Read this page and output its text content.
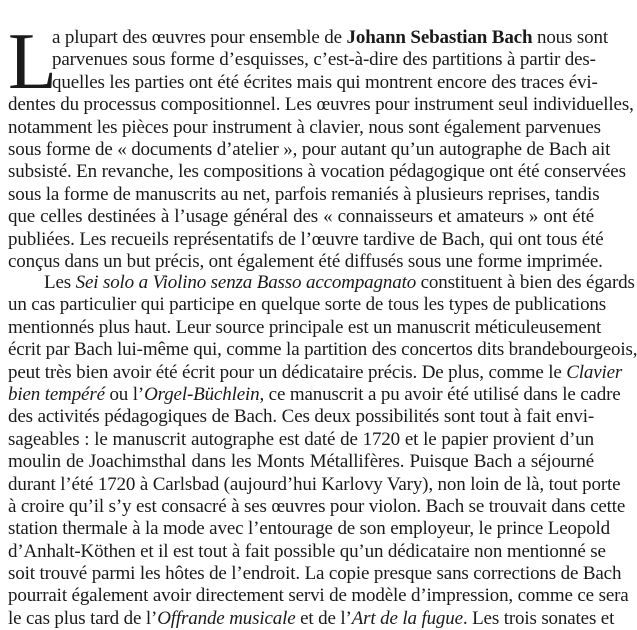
L
a plupart des œuvres pour ensemble de Johann Sebastian Bach nous sont
parvenues sous forme d’esquisses, c’est-à-dire des partitions à partir des-
quelles les parties ont été écrites mais qui montrent encore des traces évi-
dentes du processus compositionnel. Les œuvres pour instrument seul individuelles,
notamment les pièces pour instrument à clavier, nous sont également parvenues
sous forme de « documents d’atelier », pour autant qu’un autographe de Bach ait
subsisté. En revanche, les compositions à vocation pédagogique ont été conservées
sous la forme de manuscrits au net, parfois remaniés à plusieurs reprises, tandis
que celles destinées à l’usage général des « connaisseurs et amateurs » ont été
publiées. Les recueils représentatifs de l’œuvre tardive de Bach, qui ont tous été
conçus dans un but précis, ont également été diffusés sous une forme imprimée.
Les Sei solo a Violino senza Basso accompagnato constituent à bien des égards
un cas particulier qui participe en quelque sorte de tous les types de publications
mentionnés plus haut. Leur source principale est un manuscrit méticuleusement
écrit par Bach lui-même qui, comme la partition des concertos dits brandebourgeois,
peut très bien avoir été écrit pour un dédicataire précis. De plus, comme le Clavier
bien tempéré ou l’Orgel-Büchlein, ce manuscrit a pu avoir été utilisé dans le cadre
des activités pédagogiques de Bach. Ces deux possibilités sont tout à fait envi-
sageables : le manuscrit autographe est daté de 1720 et le papier provient d’un
moulin de Joachimsthal dans les Monts Métallifères. Puisque Bach a séjourné
durant l’été 1720 à Carlsbad (aujourd’hui Karlovy Vary), non loin de là, tout porte
à croire qu’il s’y est consacré à ses œuvres pour violon. Bach se trouvait dans cette
station thermale à la mode avec l’entourage de son employeur, le prince Leopold
d’Anhalt-Köthen et il est tout à fait possible qu’un dédicataire non mentionné se
soit trouvé parmi les hôtes de l’endroit. La copie presque sans corrections de Bach
pourrait également avoir directement servi de modèle d’impression, comme ce sera
le cas plus tard de l’Offrande musicale et de l’Art de la fugue. Les trois sonates et
